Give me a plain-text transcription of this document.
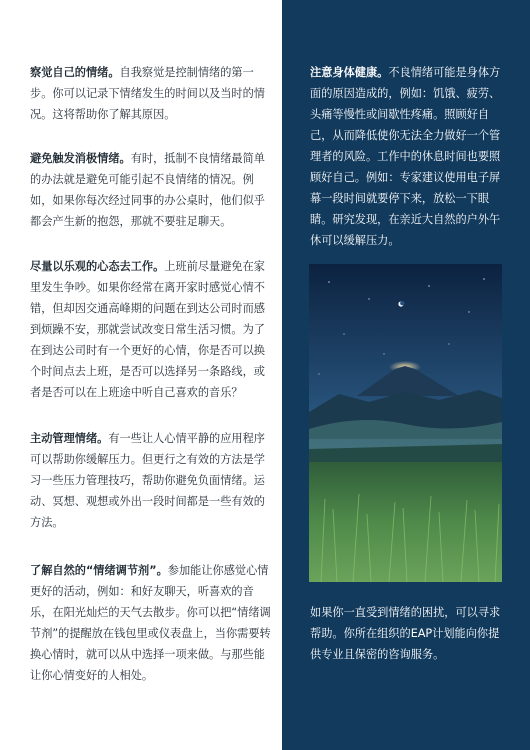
察觉自己的情绪。自我察觉是控制情绪的第一步。你可以记录下情绪发生的时间以及当时的情况。这将帮助你了解其原因。
避免触发消极情绪。有时，抵制不良情绪最简单的办法就是避免可能引起不良情绪的情况。例如，如果你每次经过同事的办公桌时，他们似乎都会产生新的抱怨，那就不要驻足聊天。
尽量以乐观的心态去工作。上班前尽量避免在家里发生争吵。如果你经常在离开家时感觉心情不错，但却因交通高峰期的问题在到达公司时而感到烦躁不安，那就尝试改变日常生活习惯。为了在到达公司时有一个更好的心情，你是否可以换个时间点去上班，是否可以选择另一条路线，或者是否可以在上班途中听自己喜欢的音乐？
主动管理情绪。有一些让人心情平静的应用程序可以帮助你缓解压力。但更行之有效的方法是学习一些压力管理技巧，帮助你避免负面情绪。运动、冥想、观想或外出一段时间都是一些有效的方法。
了解自然的“情绪调节剂”。参加能让你感觉心情更好的活动，例如：和好友聊天，听喜欢的音乐，在阳光灿烂的天气去散步。你可以把“情绪调节剂”的提醒放在钱包里或仪表盘上，当你需要转换心情时，就可以从中选择一项来做。与那些能让你心情变好的人相处。
注意身体健康。不良情绪可能是身体方面的原因造成的，例如：饥饿、疲劳、头痛等慢性或间歇性疼痛。照顾好自己，从而降低使你无法全力做好一个管理者的风险。工作中的休息时间也要照顾好自己。例如：专家建议使用电子屏幕一段时间就要停下来，放松一下眼睛。研究发现，在亲近大自然的户外午休可以缓解压力。
如果你一直受到情绪的困扰，可以寻求帮助。你所在组织的EAP计划能向你提供专业且保密的咨询服务。
